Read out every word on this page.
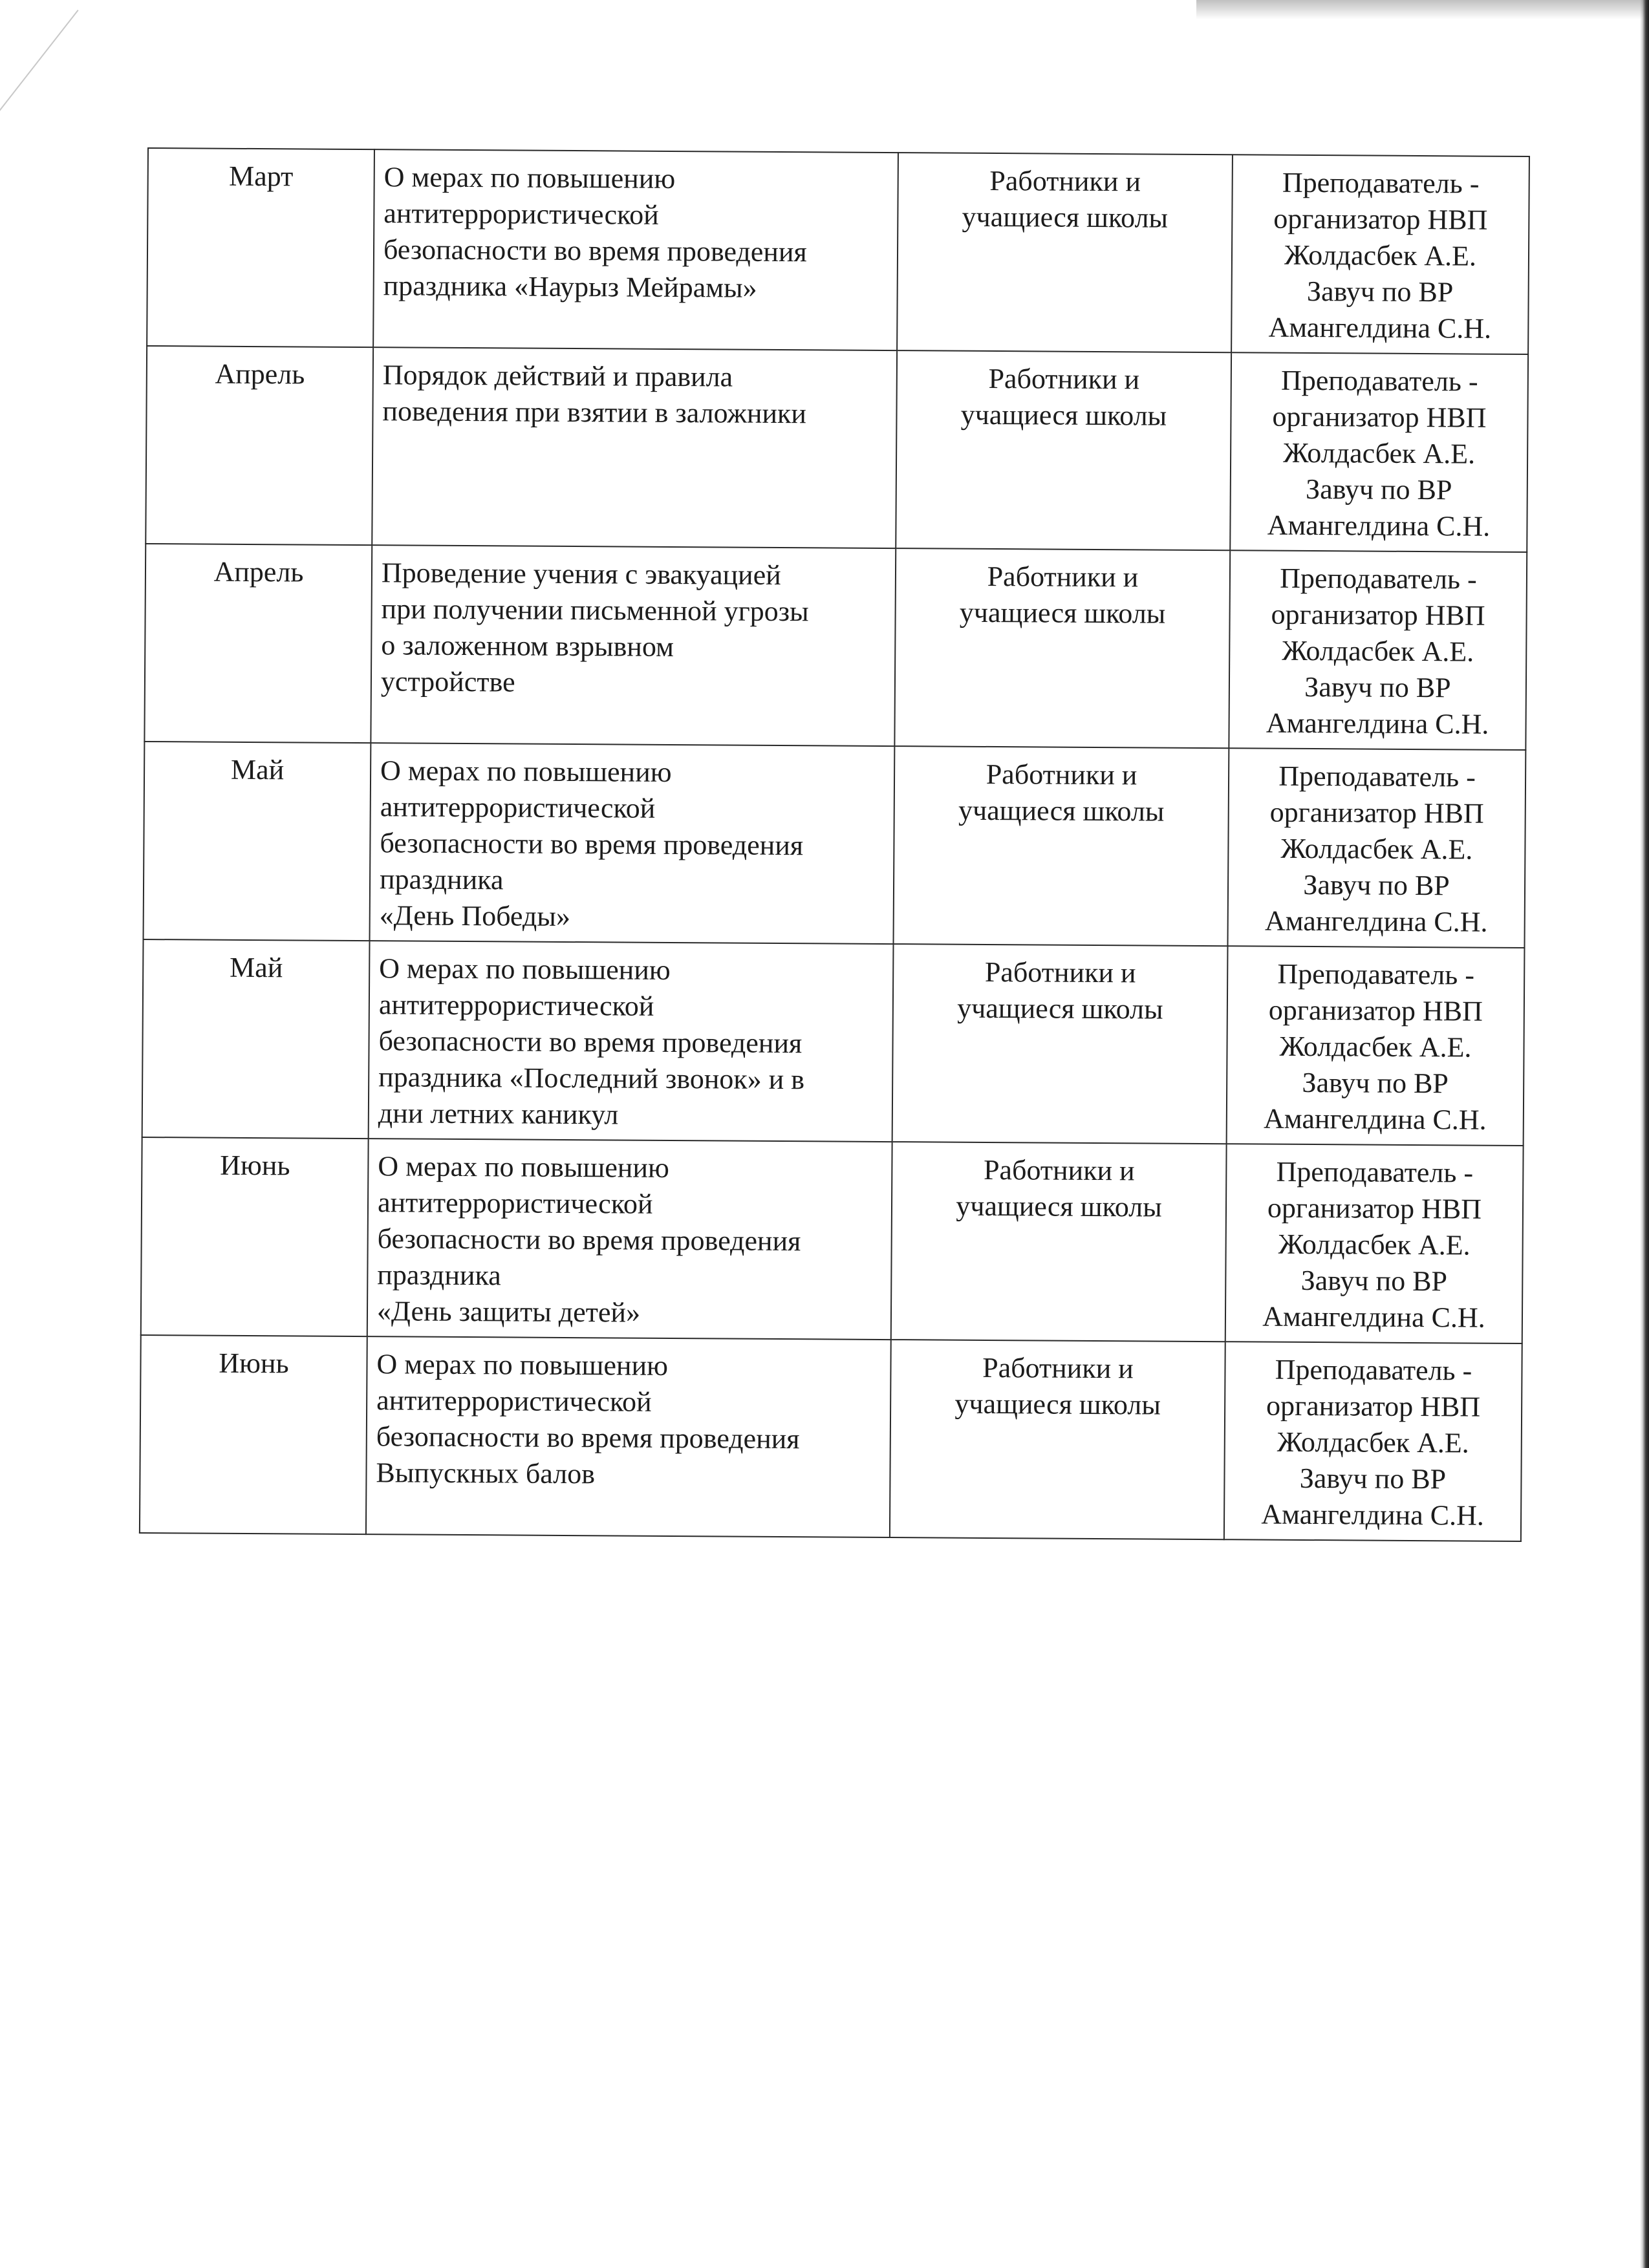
Март	О мерах по повышению
антитеррористической
безопасности во время проведения
праздника «Наурыз Мейрамы»	Работники и
учащиеся школы	Преподаватель -
организатор НВП
Жолдасбек А.Е.
Завуч по ВР
Амангелдина С.Н.

Апрель	Порядок действий и правила
поведения при взятии в заложники	Работники и
учащиеся школы	Преподаватель -
организатор НВП
Жолдасбек А.Е.
Завуч по ВР
Амангелдина С.Н.

Апрель	Проведение учения с эвакуацией
при получении письменной угрозы
о заложенном взрывном
устройстве	Работники и
учащиеся школы	Преподаватель -
организатор НВП
Жолдасбек А.Е.
Завуч по ВР
Амангелдина С.Н.

Май	О мерах по повышению
антитеррористической
безопасности во время проведения
праздника
«День Победы»	Работники и
учащиеся школы	Преподаватель -
организатор НВП
Жолдасбек А.Е.
Завуч по ВР
Амангелдина С.Н.

Май	О мерах по повышению
антитеррористической
безопасности во время проведения
праздника «Последний звонок» и в
дни летних каникул	Работники и
учащиеся школы	Преподаватель -
организатор НВП
Жолдасбек А.Е.
Завуч по ВР
Амангелдина С.Н.

Июнь	О мерах по повышению
антитеррористической
безопасности во время проведения
праздника
«День защиты детей»	Работники и
учащиеся школы	Преподаватель -
организатор НВП
Жолдасбек А.Е.
Завуч по ВР
Амангелдина С.Н.

Июнь	О мерах по повышению
антитеррористической
безопасности во время проведения
Выпускных балов	Работники и
учащиеся школы	Преподаватель -
организатор НВП
Жолдасбек А.Е.
Завуч по ВР
Амангелдина С.Н.
